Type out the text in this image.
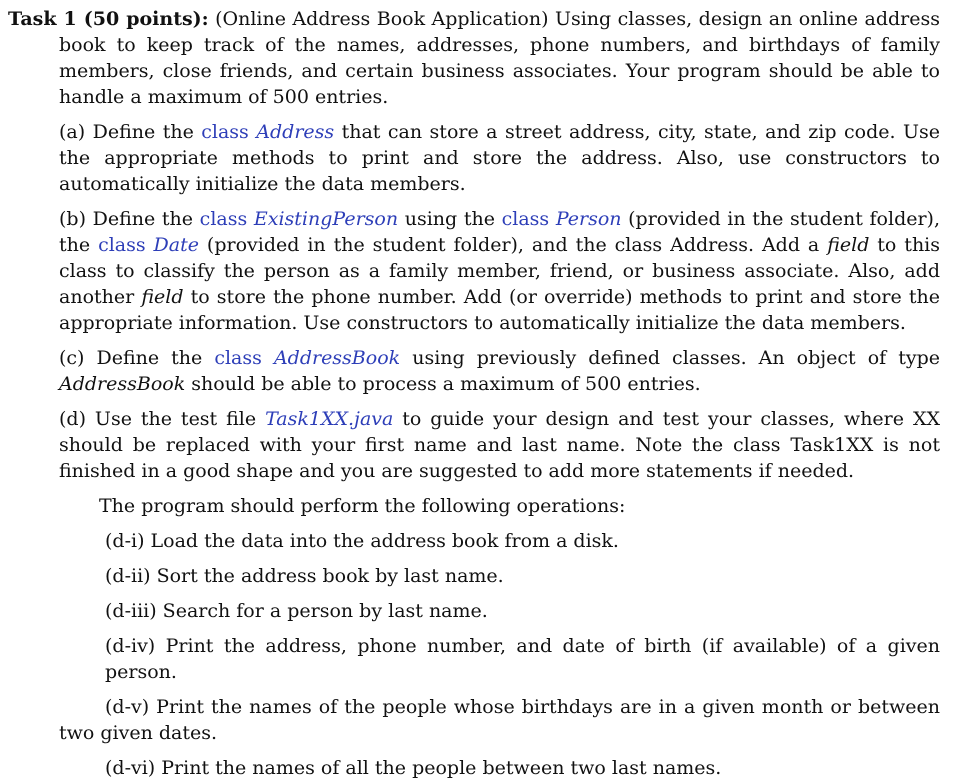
Task 1 (50 points): (Online Address Book Application) Using classes, design an online address book to keep track of the names, addresses, phone numbers, and birthdays of family members, close friends, and certain business associates. Your program should be able to handle a maximum of 500 entries.

(a) Define the class Address that can store a street address, city, state, and zip code. Use the appropriate methods to print and store the address. Also, use constructors to automatically initialize the data members.

(b) Define the class ExistingPerson using the class Person (provided in the student folder), the class Date (provided in the student folder), and the class Address. Add a field to this class to classify the person as a family member, friend, or business associate. Also, add another field to store the phone number. Add (or override) methods to print and store the appropriate information. Use constructors to automatically initialize the data members.

(c) Define the class AddressBook using previously defined classes. An object of type AddressBook should be able to process a maximum of 500 entries.

(d) Use the test file Task1XX.java to guide your design and test your classes, where XX should be replaced with your first name and last name. Note the class Task1XX is not finished in a good shape and you are suggested to add more statements if needed.

The program should perform the following operations:

(d-i) Load the data into the address book from a disk.

(d-ii) Sort the address book by last name.

(d-iii) Search for a person by last name.

(d-iv) Print the address, phone number, and date of birth (if available) of a given person.

(d-v) Print the names of the people whose birthdays are in a given month or between two given dates.

(d-vi) Print the names of all the people between two last names.
